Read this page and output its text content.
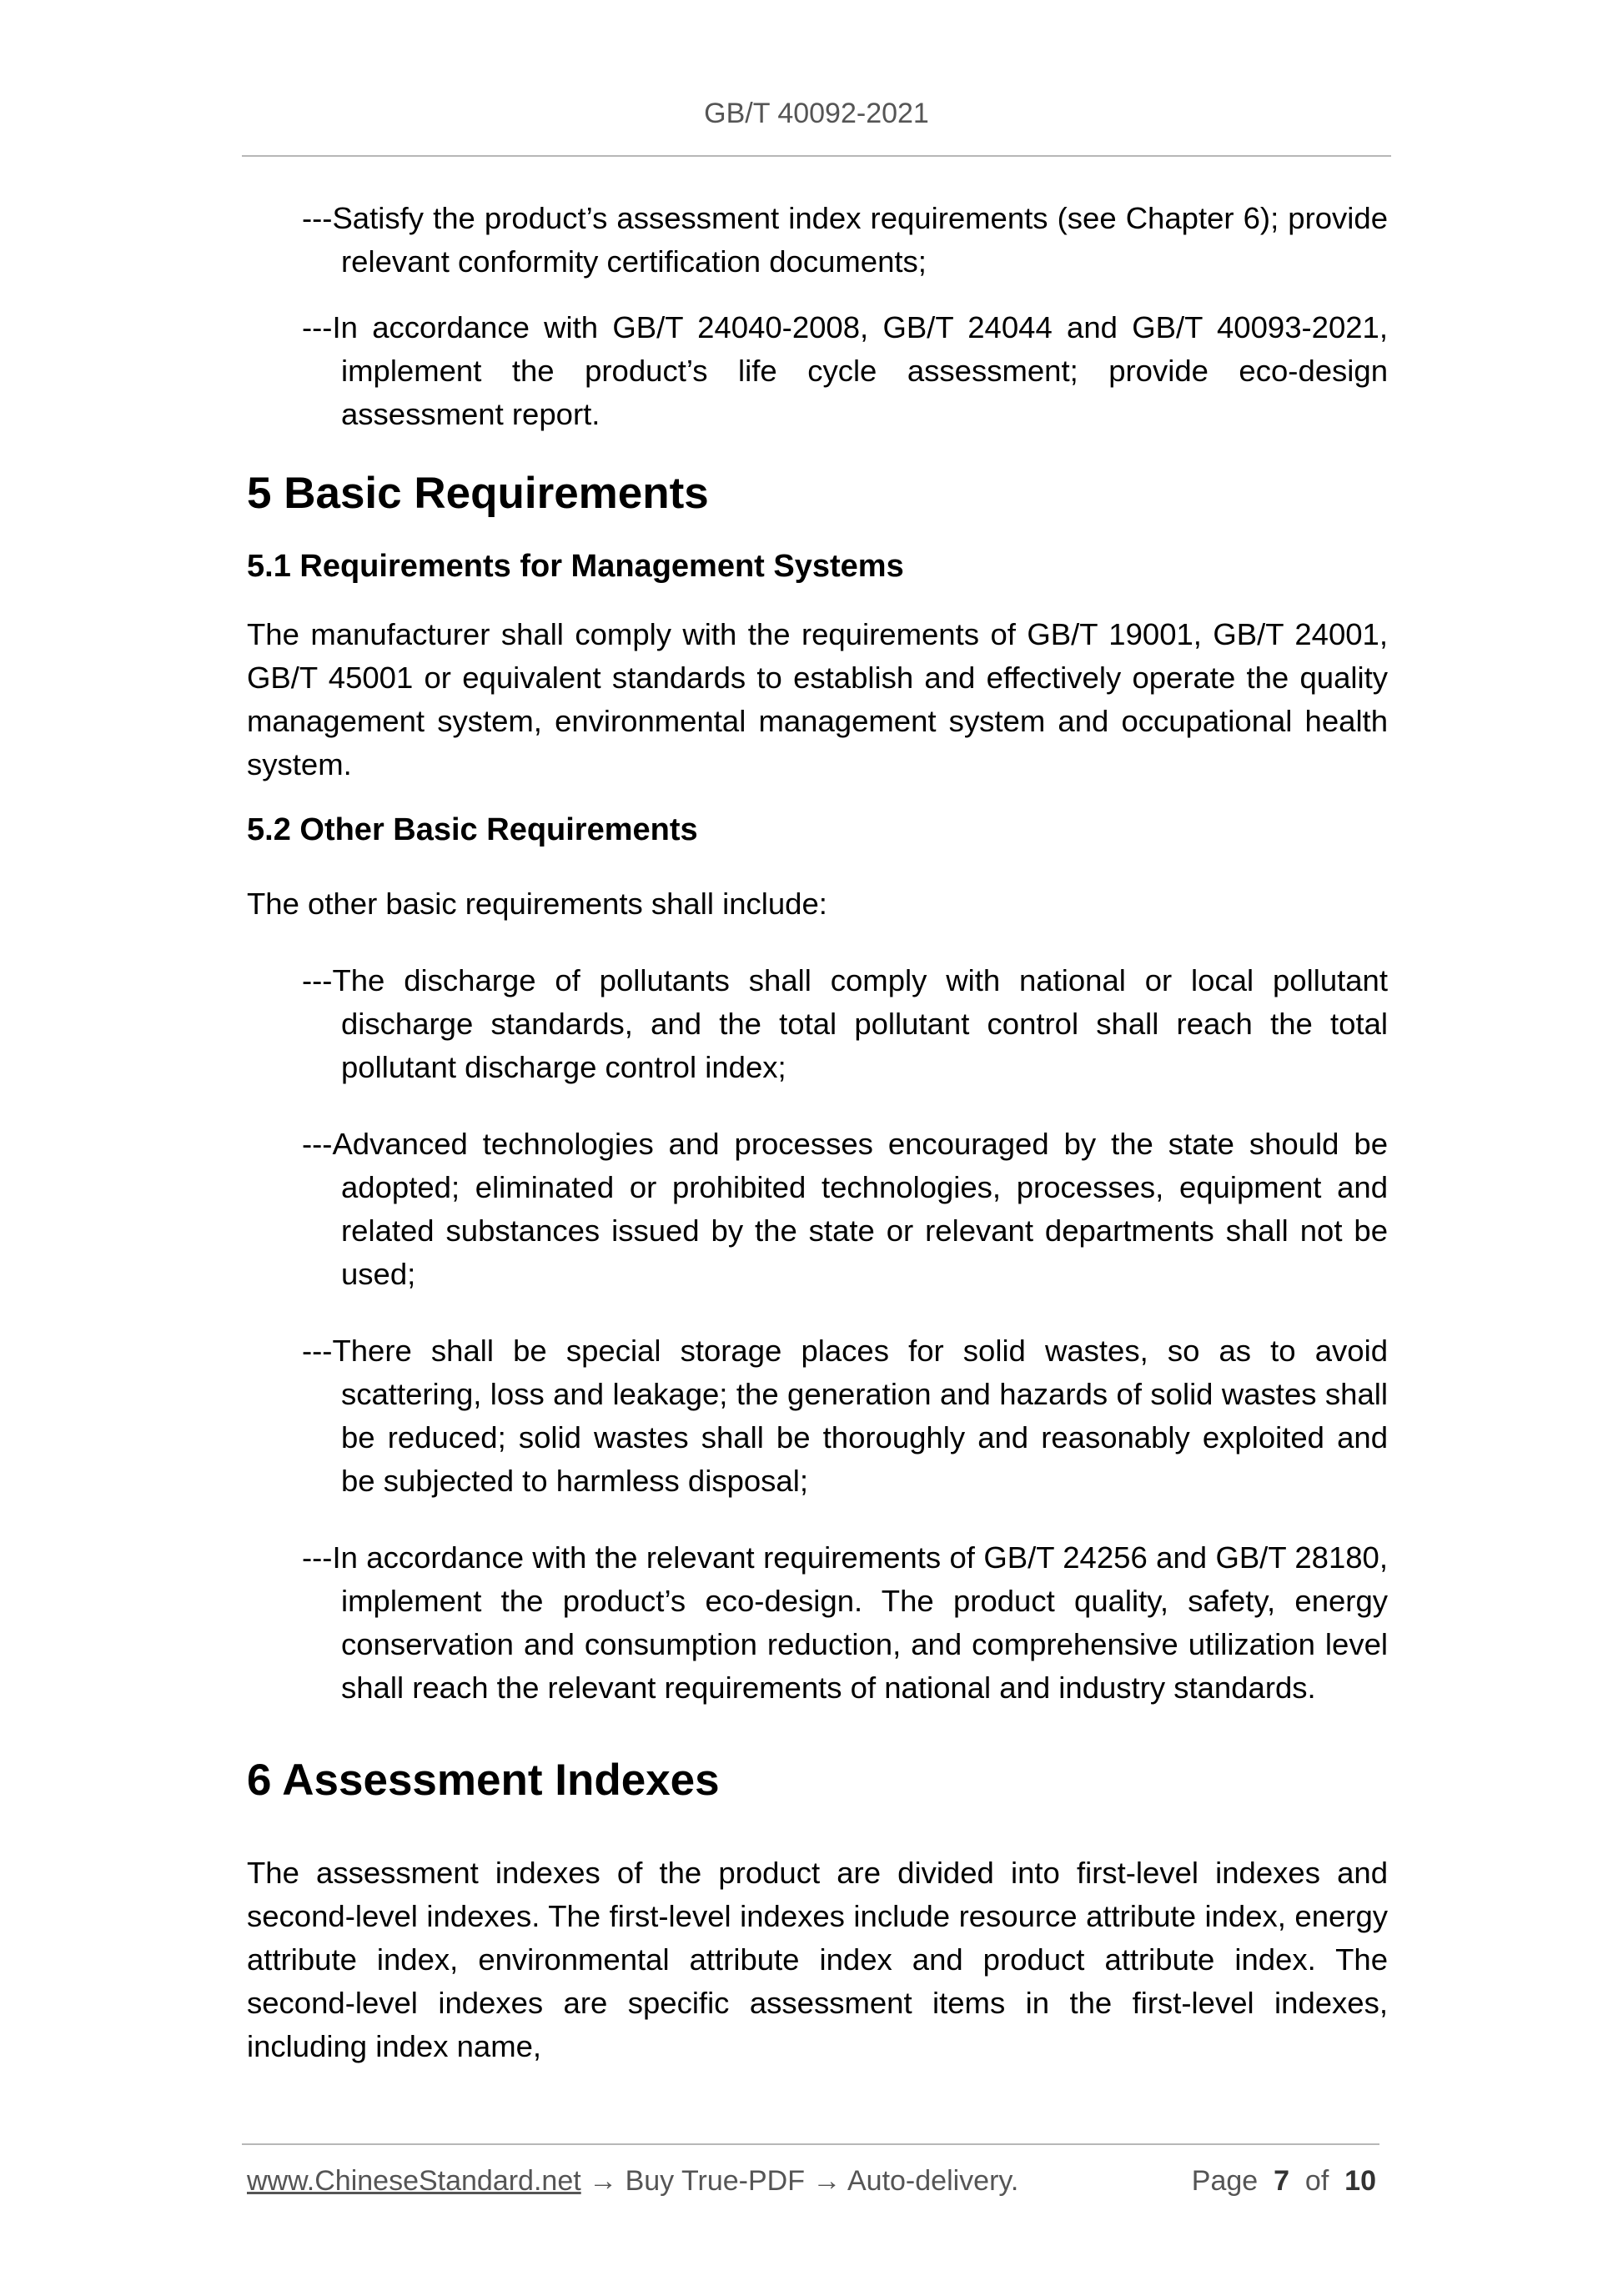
GB/T 40092-2021

---Satisfy the product’s assessment index requirements (see Chapter 6); provide relevant conformity certification documents;

---In accordance with GB/T 24040-2008, GB/T 24044 and GB/T 40093-2021, implement the product’s life cycle assessment; provide eco-design assessment report.

5 Basic Requirements
5.1 Requirements for Management Systems

The manufacturer shall comply with the requirements of GB/T 19001, GB/T 24001, GB/T 45001 or equivalent standards to establish and effectively operate the quality management system, environmental management system and occupational health system.

5.2 Other Basic Requirements

The other basic requirements shall include:

---The discharge of pollutants shall comply with national or local pollutant discharge standards, and the total pollutant control shall reach the total pollutant discharge control index;

---Advanced technologies and processes encouraged by the state should be adopted; eliminated or prohibited technologies, processes, equipment and related substances issued by the state or relevant departments shall not be used;

---There shall be special storage places for solid wastes, so as to avoid scattering, loss and leakage; the generation and hazards of solid wastes shall be reduced; solid wastes shall be thoroughly and reasonably exploited and be subjected to harmless disposal;

---In accordance with the relevant requirements of GB/T 24256 and GB/T 28180, implement the product’s eco-design. The product quality, safety, energy conservation and consumption reduction, and comprehensive utilization level shall reach the relevant requirements of national and industry standards.

6 Assessment Indexes

The assessment indexes of the product are divided into first-level indexes and second-level indexes. The first-level indexes include resource attribute index, energy attribute index, environmental attribute index and product attribute index. The second-level indexes are specific assessment items in the first-level indexes, including index name,

www.ChineseStandard.net → Buy True-PDF → Auto-delivery.	Page 7 of 10
